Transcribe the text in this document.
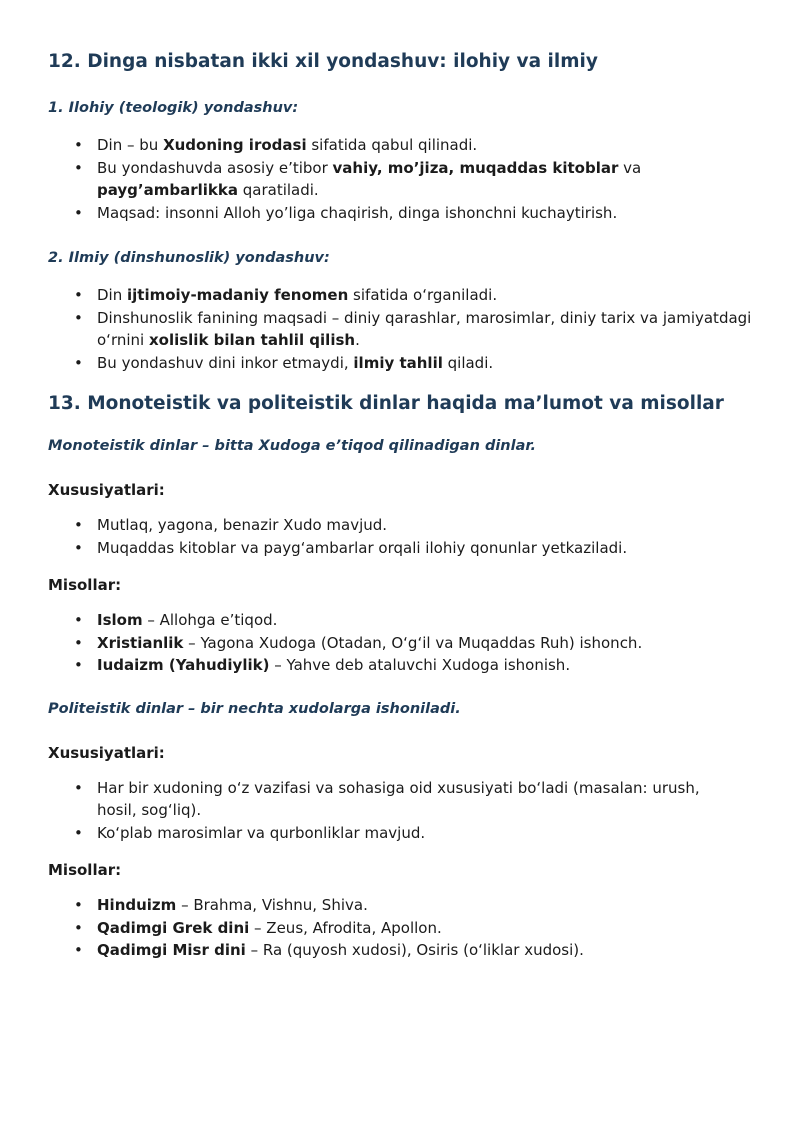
12. Dinga nisbatan ikki xil yondashuv: ilohiy va ilmiy
1. Ilohiy (teologik) yondashuv:
• Din – bu Xudoning irodasi sifatida qabul qilinadi.
• Bu yondashuvda asosiy e’tibor vahiy, mo’jiza, muqaddas kitoblar va payg’ambarlikka qaratiladi.
• Maqsad: insonni Alloh yo’liga chaqirish, dinga ishonchni kuchaytirish.
2. Ilmiy (dinshunoslik) yondashuv:
• Din ijtimoiy-madaniy fenomen sifatida o‘rganiladi.
• Dinshunoslik fanining maqsadi – diniy qarashlar, marosimlar, diniy tarix va jamiyatdagi o‘rnini xolislik bilan tahlil qilish.
• Bu yondashuv dini inkor etmaydi, ilmiy tahlil qiladi.
13. Monoteistik va politeistik dinlar haqida ma’lumot va misollar
Monoteistik dinlar – bitta Xudoga e’tiqod qilinadigan dinlar.
Xususiyatlari:
• Mutlaq, yagona, benazir Xudo mavjud.
• Muqaddas kitoblar va payg‘ambarlar orqali ilohiy qonunlar yetkaziladi.
Misollar:
• Islom – Allohga e’tiqod.
• Xristianlik – Yagona Xudoga (Otadan, O‘g‘il va Muqaddas Ruh) ishonch.
• Iudaizm (Yahudiylik) – Yahve deb ataluvchi Xudoga ishonish.
Politeistik dinlar – bir nechta xudolarga ishoniladi.
Xususiyatlari:
• Har bir xudoning o‘z vazifasi va sohasiga oid xususiyati bo‘ladi (masalan: urush, hosil, sog‘liq).
• Ko‘plab marosimlar va qurbonliklar mavjud.
Misollar:
• Hinduizm – Brahma, Vishnu, Shiva.
• Qadimgi Grek dini – Zeus, Afrodita, Apollon.
• Qadimgi Misr dini – Ra (quyosh xudosi), Osiris (o‘liklar xudosi).
